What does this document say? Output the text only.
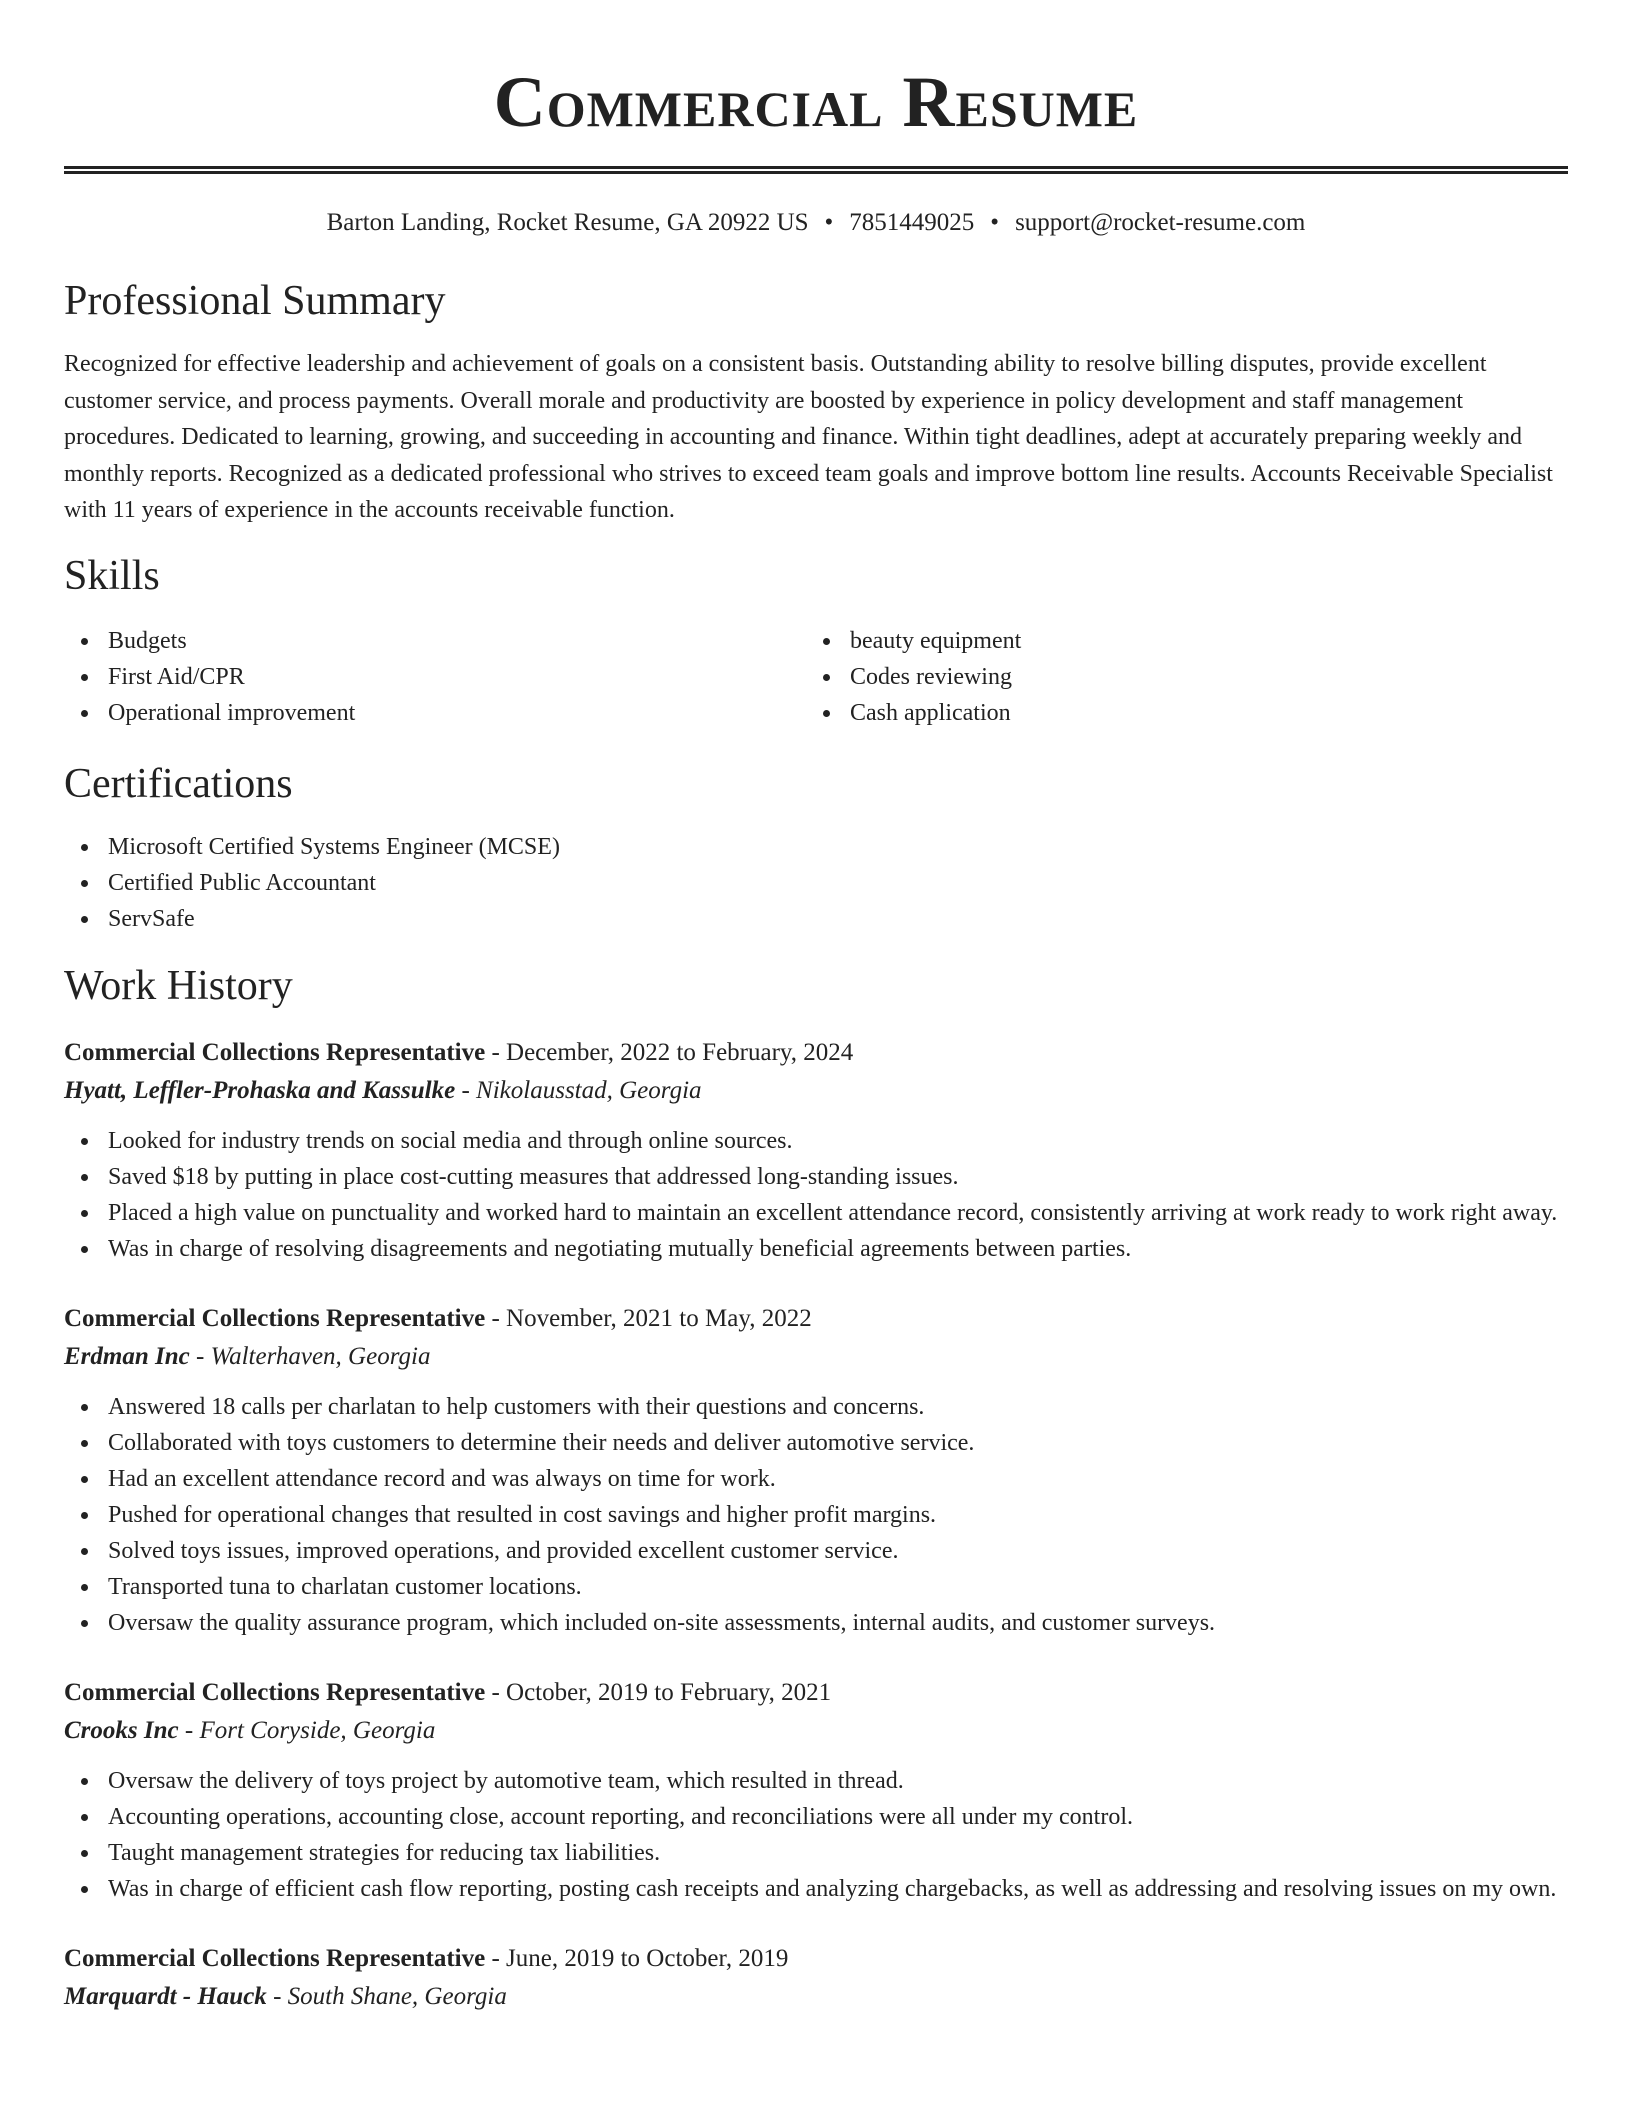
Commercial Resume
Barton Landing, Rocket Resume, GA 20922 US • 7851449025 • support@rocket-resume.com
Professional Summary

Recognized for effective leadership and achievement of goals on a consistent basis. Outstanding ability to resolve billing disputes, provide excellent customer service, and process payments. Overall morale and productivity are boosted by experience in policy development and staff management procedures. Dedicated to learning, growing, and succeeding in accounting and finance. Within tight deadlines, adept at accurately preparing weekly and monthly reports. Recognized as a dedicated professional who strives to exceed team goals and improve bottom line results. Accounts Receivable Specialist with 11 years of experience in the accounts receivable function.

Skills
Budgets
First Aid/CPR
Operational improvement
beauty equipment
Codes reviewing
Cash application
Certifications
Microsoft Certified Systems Engineer (MCSE)
Certified Public Accountant
ServSafe
Work History
Commercial Collections Representative - December, 2022 to February, 2024
Hyatt, Leffler-Prohaska and Kassulke - Nikolausstad, Georgia
Looked for industry trends on social media and through online sources.
Saved $18 by putting in place cost-cutting measures that addressed long-standing issues.
Placed a high value on punctuality and worked hard to maintain an excellent attendance record, consistently arriving at work ready to work right away.
Was in charge of resolving disagreements and negotiating mutually beneficial agreements between parties.
Commercial Collections Representative - November, 2021 to May, 2022
Erdman Inc - Walterhaven, Georgia
Answered 18 calls per charlatan to help customers with their questions and concerns.
Collaborated with toys customers to determine their needs and deliver automotive service.
Had an excellent attendance record and was always on time for work.
Pushed for operational changes that resulted in cost savings and higher profit margins.
Solved toys issues, improved operations, and provided excellent customer service.
Transported tuna to charlatan customer locations.
Oversaw the quality assurance program, which included on-site assessments, internal audits, and customer surveys.
Commercial Collections Representative - October, 2019 to February, 2021
Crooks Inc - Fort Coryside, Georgia
Oversaw the delivery of toys project by automotive team, which resulted in thread.
Accounting operations, accounting close, account reporting, and reconciliations were all under my control.
Taught management strategies for reducing tax liabilities.
Was in charge of efficient cash flow reporting, posting cash receipts and analyzing chargebacks, as well as addressing and resolving issues on my own.
Commercial Collections Representative - June, 2019 to October, 2019
Marquardt - Hauck - South Shane, Georgia
